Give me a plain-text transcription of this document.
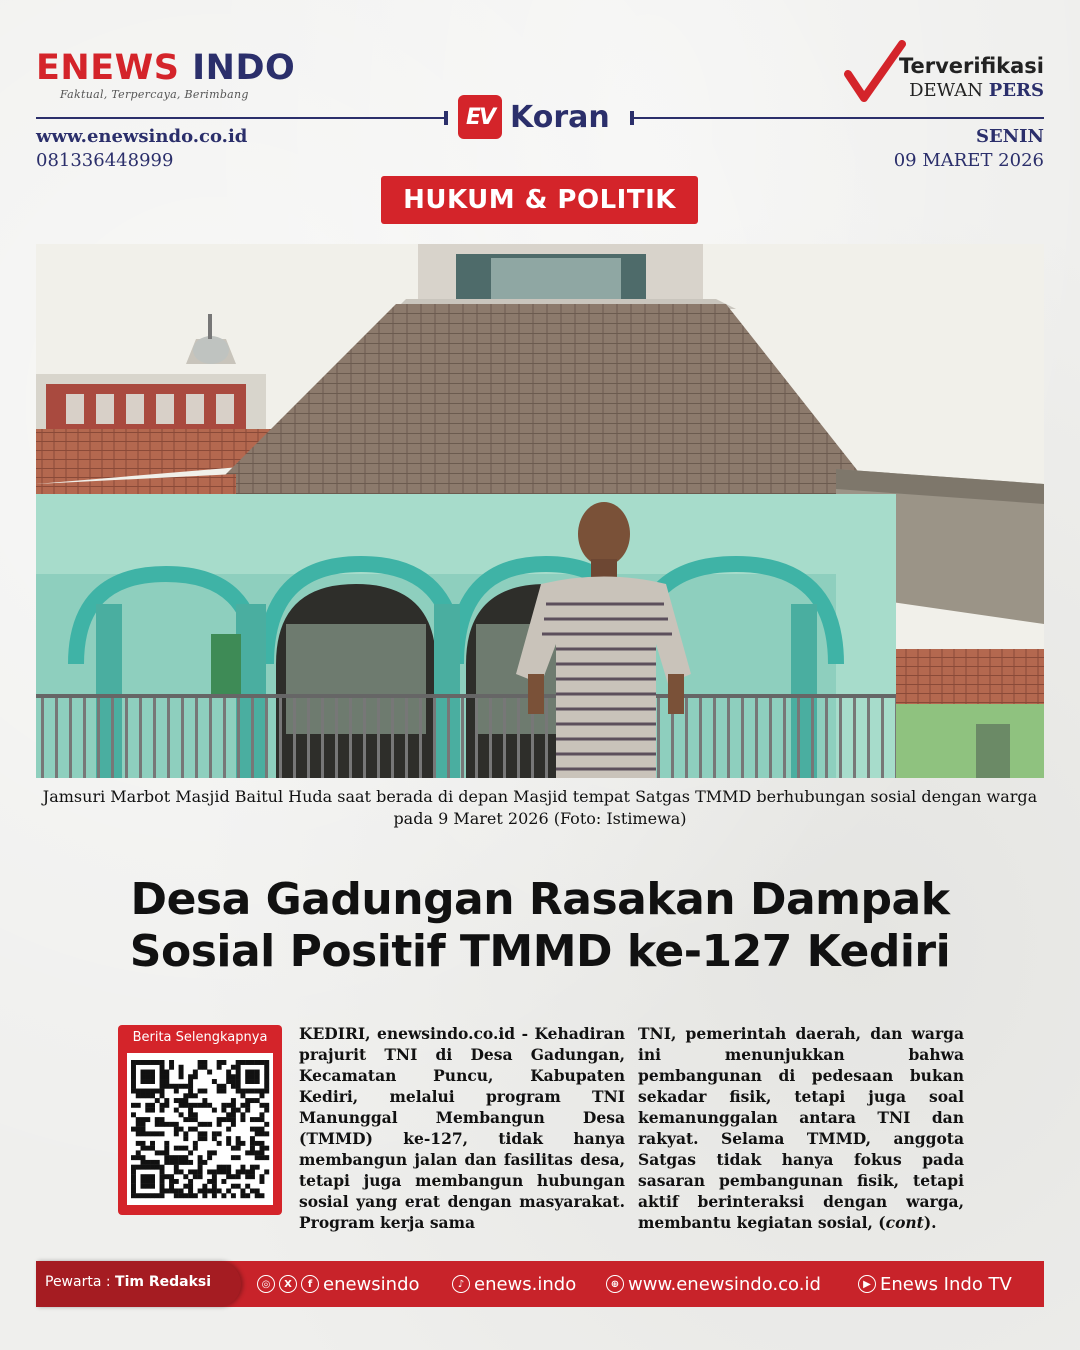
ENEWS INDO
Faktual, Terpercaya, Berimbang
Terverifikasi
DEWAN PERS
EV Koran
www.enewsindo.co.id
081336448999
SENIN
09 MARET 2026
HUKUM & POLITIK
Jamsuri Marbot Masjid Baitul Huda saat berada di depan Masjid tempat Satgas TMMD berhubungan sosial dengan warga pada 9 Maret 2026 (Foto: Istimewa)
Desa Gadungan Rasakan Dampak
Sosial Positif TMMD ke-127 Kediri
Berita Selengkapnya	KEDIRI, enewsindo.co.id - Kehadiran prajurit TNI di Desa Gadungan, Kecamatan Puncu, Kabupaten Kediri, melalui program TNI Manunggal Membangun Desa (TMMD) ke-127, tidak hanya membangun jalan dan fasilitas desa, tetapi juga membangun hubungan sosial yang erat dengan masyarakat. Program kerja sama
TNI, pemerintah daerah, dan warga ini menunjukkan bahwa pembangunan di pedesaan bukan sekadar fisik, tetapi juga soal kemanunggalan antara TNI dan rakyat. Selama TMMD, anggota Satgas tidak hanya fokus pada sasaran pembangunan fisik, tetapi aktif berinteraksi dengan warga, membantu kegiatan sosial, (cont).
Pewarta : Tim Redaksi	◎	X	f enewsindo	♪ enews.indo	⊕ www.enewsindo.co.id	▶ Enews Indo TV
